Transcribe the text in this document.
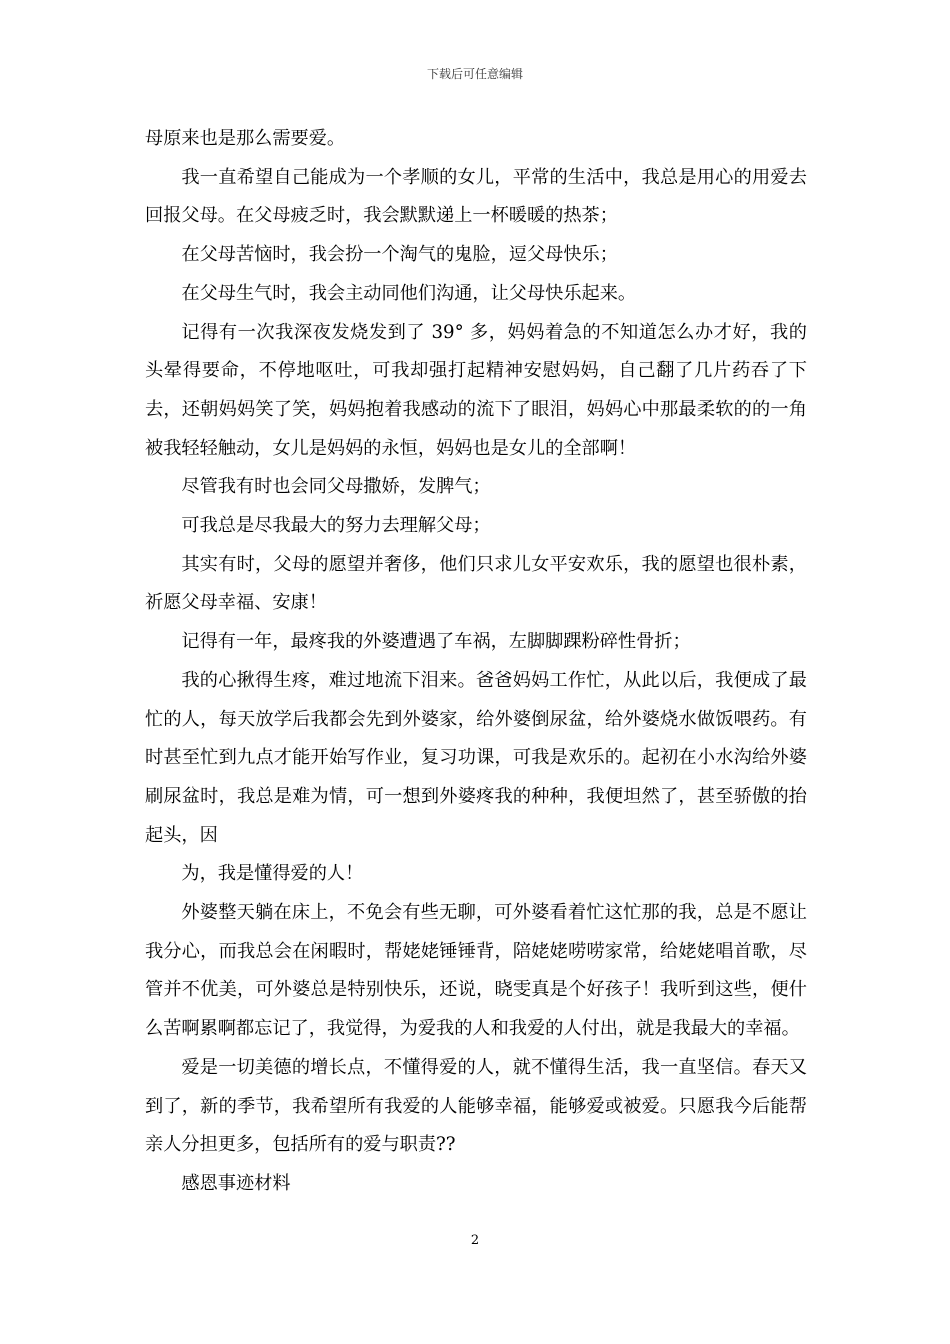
下载后可任意编辑

母原来也是那么需要爱。

我一直希望自己能成为一个孝顺的女儿，平常的生活中，我总是用心的用爱去回报父母。在父母疲乏时，我会默默递上一杯暖暖的热茶；

在父母苦恼时，我会扮一个淘气的鬼脸，逗父母快乐；

在父母生气时，我会主动同他们沟通，让父母快乐起来。

记得有一次我深夜发烧发到了 39° 多，妈妈着急的不知道怎么办才好，我的头晕得要命，不停地呕吐，可我却强打起精神安慰妈妈，自己翻了几片药吞了下去，还朝妈妈笑了笑，妈妈抱着我感动的流下了眼泪，妈妈心中那最柔软的的一角被我轻轻触动，女儿是妈妈的永恒，妈妈也是女儿的全部啊！

尽管我有时也会同父母撒娇，发脾气；

可我总是尽我最大的努力去理解父母；

其实有时，父母的愿望并奢侈，他们只求儿女平安欢乐，我的愿望也很朴素，祈愿父母幸福、安康！

记得有一年，最疼我的外婆遭遇了车祸，左脚脚踝粉碎性骨折；

我的心揪得生疼，难过地流下泪来。爸爸妈妈工作忙，从此以后，我便成了最忙的人，每天放学后我都会先到外婆家，给外婆倒尿盆，给外婆烧水做饭喂药。有时甚至忙到九点才能开始写作业，复习功课，可我是欢乐的。起初在小水沟给外婆刷尿盆时，我总是难为情，可一想到外婆疼我的种种，我便坦然了，甚至骄傲的抬起头，因

为，我是懂得爱的人！

外婆整天躺在床上，不免会有些无聊，可外婆看着忙这忙那的我，总是不愿让我分心，而我总会在闲暇时，帮姥姥锤锤背，陪姥姥唠唠家常，给姥姥唱首歌，尽管并不优美，可外婆总是特别快乐，还说，晓雯真是个好孩子！我听到这些，便什么苦啊累啊都忘记了，我觉得，为爱我的人和我爱的人付出，就是我最大的幸福。

爱是一切美德的增长点，不懂得爱的人，就不懂得生活，我一直坚信。春天又到了，新的季节，我希望所有我爱的人能够幸福，能够爱或被爱。只愿我今后能帮亲人分担更多，包括所有的爱与职责??

感恩事迹材料

2
